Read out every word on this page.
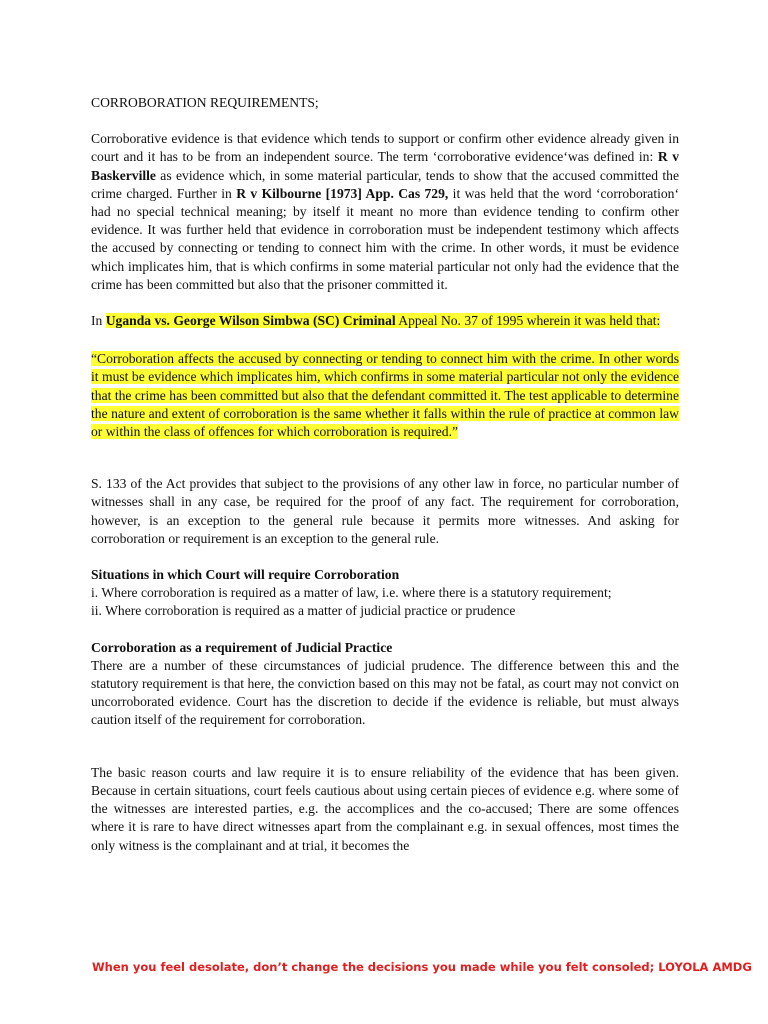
CORROBORATION REQUIREMENTS;

Corroborative evidence is that evidence which tends to support or confirm other evidence already given in court and it has to be from an independent source. The term ‘corroborative evidence‘was defined in: R v Baskerville as evidence which, in some material particular, tends to show that the accused committed the crime charged. Further in R v Kilbourne [1973] App. Cas 729, it was held that the word ‘corroboration‘ had no special technical meaning; by itself it meant no more than evidence tending to confirm other evidence. It was further held that evidence in corroboration must be independent testimony which affects the accused by connecting or tending to connect him with the crime. In other words, it must be evidence which implicates him, that is which confirms in some material particular not only had the evidence that the crime has been committed but also that the prisoner committed it.

In Uganda vs. George Wilson Simbwa (SC) Criminal Appeal No. 37 of 1995 wherein it was held that:

“Corroboration affects the accused by connecting or tending to connect him with the crime. In other words it must be evidence which implicates him, which confirms in some material particular not only the evidence that the crime has been committed but also that the defendant committed it. The test applicable to determine the nature and extent of corroboration is the same whether it falls within the rule of practice at common law or within the class of offences for which corroboration is required.”

S. 133 of the Act provides that subject to the provisions of any other law in force, no particular number of witnesses shall in any case, be required for the proof of any fact. The requirement for corroboration, however, is an exception to the general rule because it permits more witnesses. And asking for corroboration or requirement is an exception to the general rule.

Situations in which Court will require Corroboration

i. Where corroboration is required as a matter of law, i.e. where there is a statutory requirement;

ii. Where corroboration is required as a matter of judicial practice or prudence

Corroboration as a requirement of Judicial Practice

There are a number of these circumstances of judicial prudence. The difference between this and the statutory requirement is that here, the conviction based on this may not be fatal, as court may not convict on uncorroborated evidence. Court has the discretion to decide if the evidence is reliable, but must always caution itself of the requirement for corroboration.

The basic reason courts and law require it is to ensure reliability of the evidence that has been given. Because in certain situations, court feels cautious about using certain pieces of evidence e.g. where some of the witnesses are interested parties, e.g. the accomplices and the co-accused; There are some offences where it is rare to have direct witnesses apart from the complainant e.g. in sexual offences, most times the only witness is the complainant and at trial, it becomes the

When you feel desolate, don’t change the decisions you made while you felt consoled; LOYOLA AMDG
